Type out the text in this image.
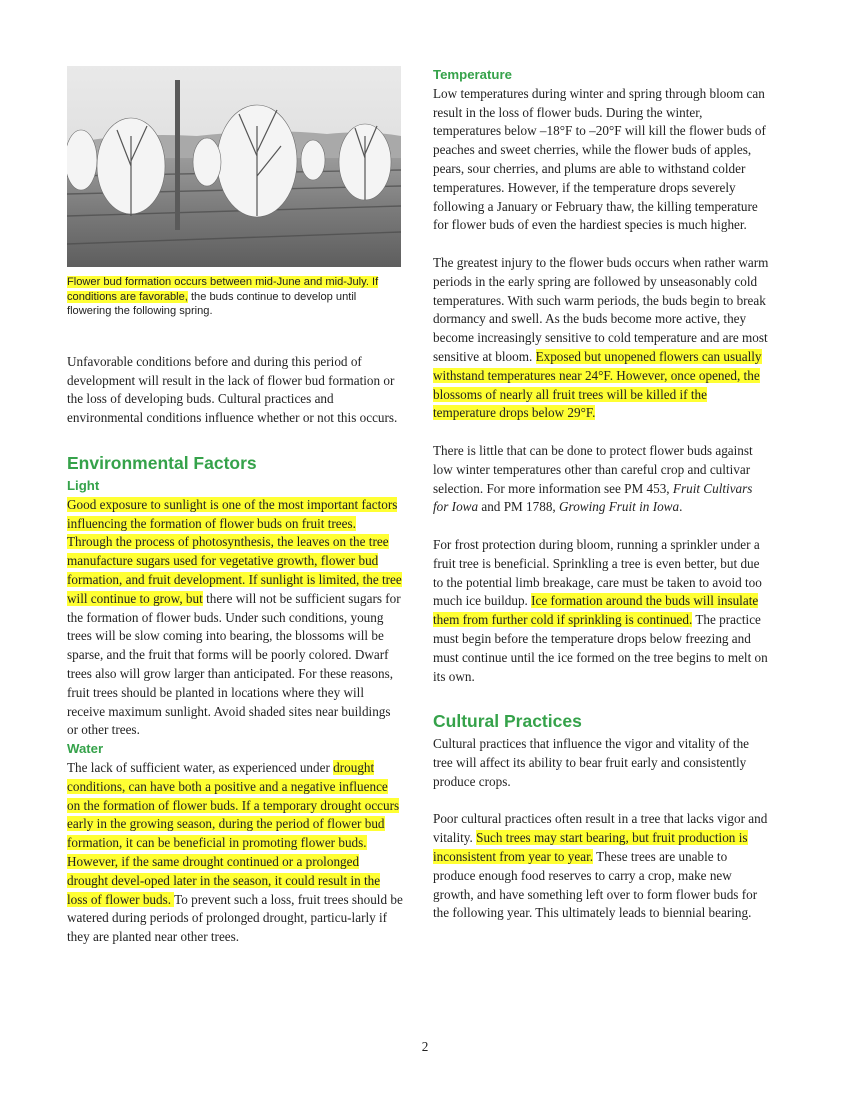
Flower bud formation occurs between mid-June and mid-July. If conditions are favorable, the buds continue to develop until flowering the following spring.

Unfavorable conditions before and during this period of development will result in the lack of flower bud formation or the loss of developing buds. Cultural practices and environmental conditions influence whether or not this occurs.

Environmental Factors
Light

Good exposure to sunlight is one of the most important factors influencing the formation of flower buds on fruit trees. Through the process of photosynthesis, the leaves on the tree manufacture sugars used for vegetative growth, flower bud formation, and fruit development. If sunlight is limited, the tree will continue to grow, but there will not be sufficient sugars for the formation of flower buds. Under such conditions, young trees will be slow coming into bearing, the blossoms will be sparse, and the fruit that forms will be poorly colored. Dwarf trees also will grow larger than anticipated. For these reasons, fruit trees should be planted in locations where they will receive maximum sunlight. Avoid shaded sites near buildings or other trees.

Water

The lack of sufficient water, as experienced under drought conditions, can have both a positive and a negative influence on the formation of flower buds. If a temporary drought occurs early in the growing season, during the period of flower bud formation, it can be beneficial in promoting flower buds. However, if the same drought continued or a prolonged drought devel-oped later in the season, it could result in the loss of flower buds. To prevent such a loss, fruit trees should be watered during periods of prolonged drought, particu-larly if they are planted near other trees.

Temperature

Low temperatures during winter and spring through bloom can result in the loss of flower buds. During the winter, temperatures below –18°F to –20°F will kill the flower buds of peaches and sweet cherries, while the flower buds of apples, pears, sour cherries, and plums are able to withstand colder temperatures. However, if the temperature drops severely following a January or February thaw, the killing temperature for flower buds of even the hardiest species is much higher.

The greatest injury to the flower buds occurs when rather warm periods in the early spring are followed by unseasonably cold temperatures. With such warm periods, the buds begin to break dormancy and swell. As the buds become more active, they become increasingly sensitive to cold temperature and are most sensitive at bloom. Exposed but unopened flowers can usually withstand temperatures near 24°F. However, once opened, the blossoms of nearly all fruit trees will be killed if the temperature drops below 29°F.

There is little that can be done to protect flower buds against low winter temperatures other than careful crop and cultivar selection. For more information see PM 453, Fruit Cultivars for Iowa and PM 1788, Growing Fruit in Iowa.

For frost protection during bloom, running a sprinkler under a fruit tree is beneficial. Sprinkling a tree is even better, but due to the potential limb breakage, care must be taken to avoid too much ice buildup. Ice formation around the buds will insulate them from further cold if sprinkling is continued. The practice must begin before the temperature drops below freezing and must continue until the ice formed on the tree begins to melt on its own.

Cultural Practices

Cultural practices that influence the vigor and vitality of the tree will affect its ability to bear fruit early and consistently produce crops.

Poor cultural practices often result in a tree that lacks vigor and vitality. Such trees may start bearing, but fruit production is inconsistent from year to year. These trees are unable to produce enough food reserves to carry a crop, make new growth, and have something left over to form flower buds for the following year. This ultimately leads to biennial bearing.

2
